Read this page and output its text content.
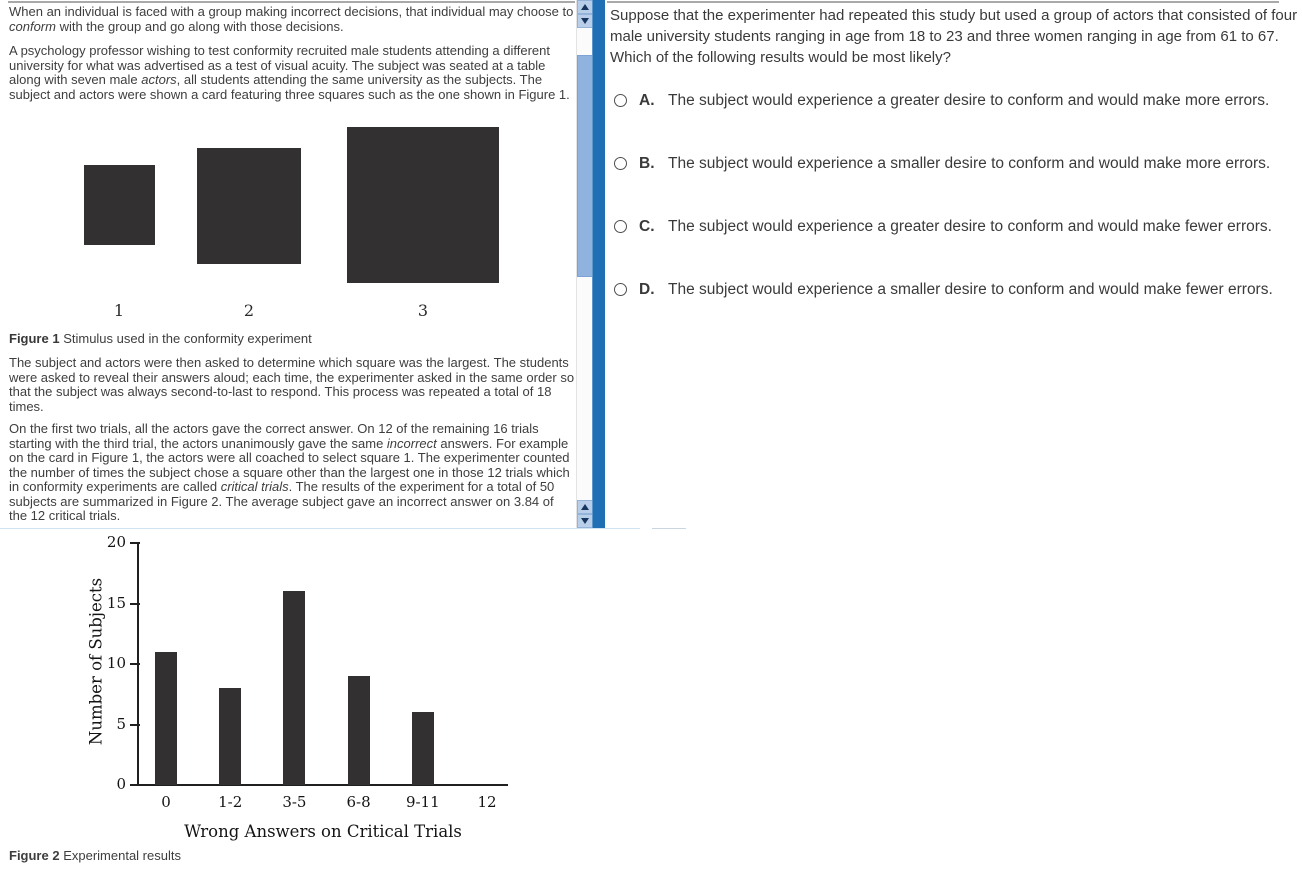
When an individual is faced with a group making incorrect decisions, that individual may choose to conform with the group and go along with those decisions.
A psychology professor wishing to test conformity recruited male students attending a different university for what was advertised as a test of visual acuity. The subject was seated at a table along with seven male actors, all students attending the same university as the subjects. The subject and actors were shown a card featuring three squares such as the one shown in Figure 1.
1	2	3
Figure 1 Stimulus used in the conformity experiment
The subject and actors were then asked to determine which square was the largest. The students were asked to reveal their answers aloud; each time, the experimenter asked in the same order so that the subject was always second-to-last to respond. This process was repeated a total of 18 times.
On the first two trials, all the actors gave the correct answer. On 12 of the remaining 16 trials starting with the third trial, the actors unanimously gave the same incorrect answers. For example on the card in Figure 1, the actors were all coached to select square 1. The experimenter counted the number of times the subject chose a square other than the largest one in those 12 trials which in conformity experiments are called critical trials. The results of the experiment for a total of 50 subjects are summarized in Figure 2. The average subject gave an incorrect answer on 3.84 of the 12 critical trials.
Number of Subjects
Wrong Answers on Critical Trials
0
5
10
15
20
0	1-2	3-5	6-8	9-11	12
Figure 2 Experimental results
Suppose that the experimenter had repeated this study but used a group of actors that consisted of four male university students ranging in age from 18 to 23 and three women ranging in age from 61 to 67. Which of the following results would be most likely?
A. The subject would experience a greater desire to conform and would make more errors.
B. The subject would experience a smaller desire to conform and would make more errors.
C. The subject would experience a greater desire to conform and would make fewer errors.
D. The subject would experience a smaller desire to conform and would make fewer errors.
